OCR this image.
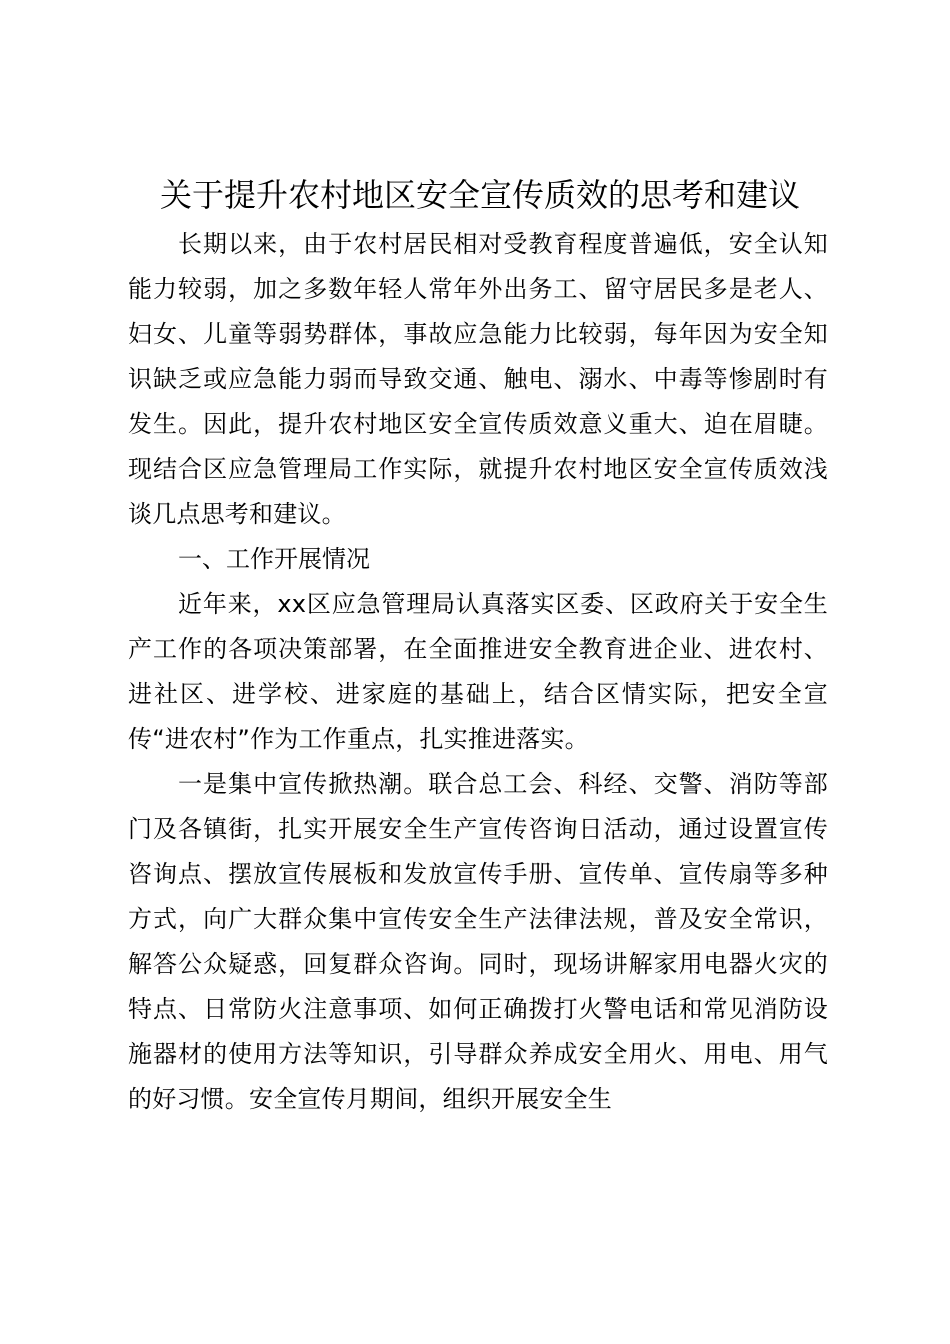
关于提升农村地区安全宣传质效的思考和建议

长期以来，由于农村居民相对受教育程度普遍低，安全认知能力较弱，加之多数年轻人常年外出务工、留守居民多是老人、妇女、儿童等弱势群体，事故应急能力比较弱，每年因为安全知识缺乏或应急能力弱而导致交通、触电、溺水、中毒等惨剧时有发生。因此，提升农村地区安全宣传质效意义重大、迫在眉睫。现结合区应急管理局工作实际，就提升农村地区安全宣传质效浅谈几点思考和建议。

一、工作开展情况

近年来，xx区应急管理局认真落实区委、区政府关于安全生产工作的各项决策部署，在全面推进安全教育进企业、进农村、进社区、进学校、进家庭的基础上，结合区情实际，把安全宣传“进农村”作为工作重点，扎实推进落实。

一是集中宣传掀热潮。联合总工会、科经、交警、消防等部门及各镇街，扎实开展安全生产宣传咨询日活动，通过设置宣传咨询点、摆放宣传展板和发放宣传手册、宣传单、宣传扇等多种方式，向广大群众集中宣传安全生产法律法规，普及安全常识，解答公众疑惑，回复群众咨询。同时，现场讲解家用电器火灾的特点、日常防火注意事项、如何正确拨打火警电话和常见消防设施器材的使用方法等知识，引导群众养成安全用火、用电、用气的好习惯。安全宣传月期间，组织开展安全生
